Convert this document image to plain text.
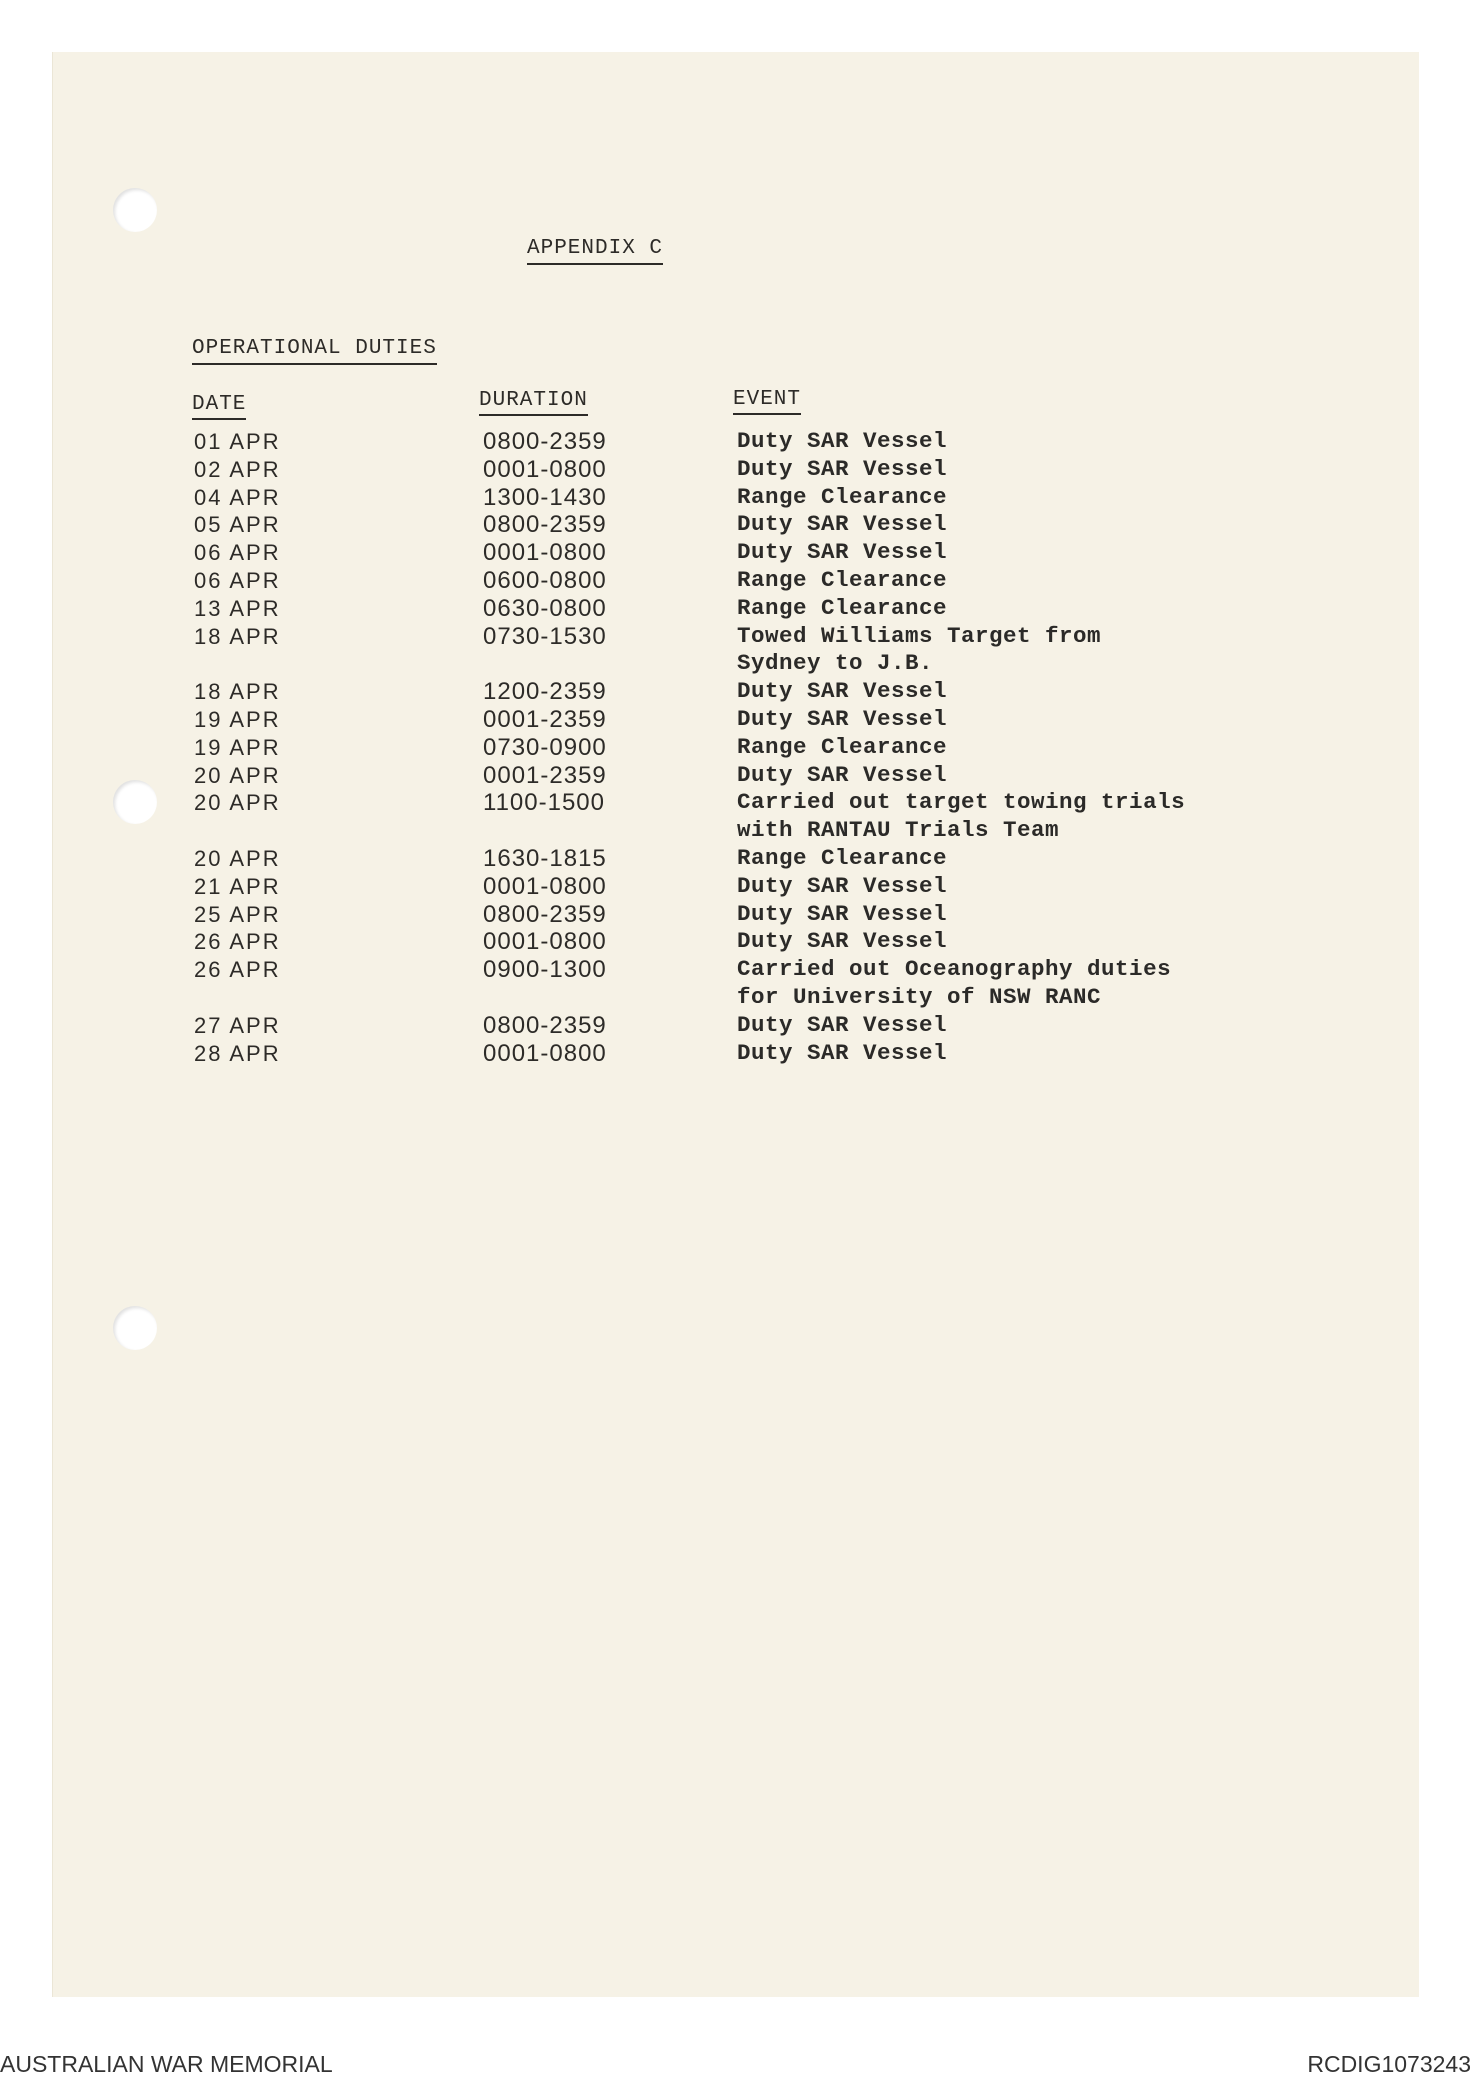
APPENDIX C
OPERATIONAL DUTIES
DATE	DURATION	EVENT
01 APR	0800-2359	Duty SAR Vessel
02 APR	0001-0800	Duty SAR Vessel
04 APR	1300-1430	Range Clearance
05 APR	0800-2359	Duty SAR Vessel
06 APR	0001-0800	Duty SAR Vessel
06 APR	0600-0800	Range Clearance
13 APR	0630-0800	Range Clearance
18 APR	0730-1530	Towed Williams Target from
Sydney to J.B.
18 APR	1200-2359	Duty SAR Vessel
19 APR	0001-2359	Duty SAR Vessel
19 APR	0730-0900	Range Clearance
20 APR	0001-2359	Duty SAR Vessel
20 APR	1100-1500	Carried out target towing trials
with RANTAU Trials Team
20 APR	1630-1815	Range Clearance
21 APR	0001-0800	Duty SAR Vessel
25 APR	0800-2359	Duty SAR Vessel
26 APR	0001-0800	Duty SAR Vessel
26 APR	0900-1300	Carried out Oceanography duties
for University of NSW RANC
27 APR	0800-2359	Duty SAR Vessel
28 APR	0001-0800	Duty SAR Vessel
AUSTRALIAN WAR MEMORIAL	RCDIG1073243
